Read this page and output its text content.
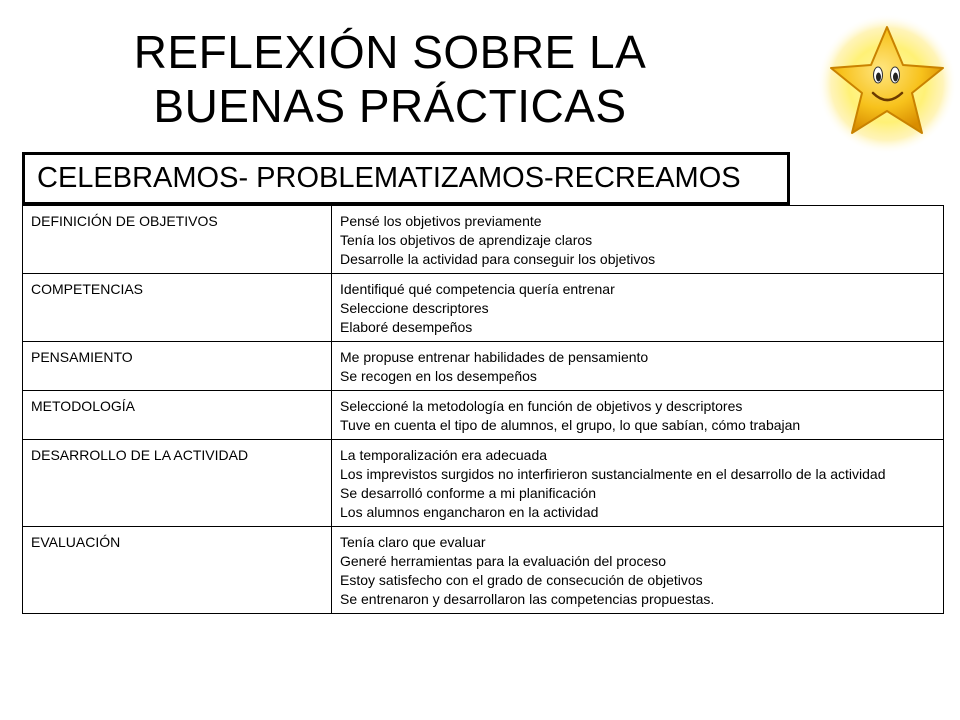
REFLEXIÓN SOBRE LA
BUENAS PRÁCTICAS
CELEBRAMOS- PROBLEMATIZAMOS-RECREAMOS
DEFINICIÓN DE OBJETIVOS	Pensé los objetivos previamente
Tenía los objetivos de aprendizaje claros
Desarrolle la actividad para conseguir los objetivos

COMPETENCIAS	Identifiqué qué competencia quería entrenar
Seleccione descriptores
Elaboré desempeños

PENSAMIENTO	Me propuse entrenar habilidades de pensamiento
Se recogen en los desempeños

METODOLOGÍA	Seleccioné la metodología en función de objetivos y descriptores
Tuve en cuenta el tipo de alumnos, el grupo, lo que sabían, cómo trabajan

DESARROLLO DE LA ACTIVIDAD	La temporalización era adecuada
Los imprevistos surgidos no interfirieron sustancialmente en el desarrollo de la actividad
Se desarrolló conforme a mi planificación
Los alumnos engancharon en la actividad

EVALUACIÓN	Tenía claro que evaluar
Generé herramientas para la evaluación del proceso
Estoy satisfecho con el grado de consecución de objetivos
Se entrenaron y desarrollaron las competencias propuestas.
